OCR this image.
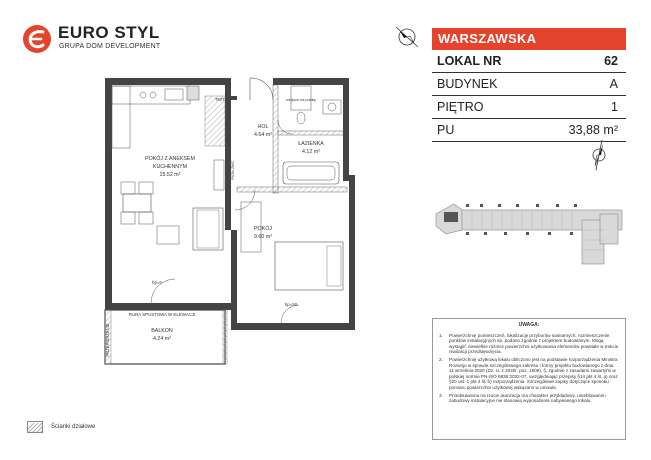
EURO STYL
GRUPA DOM DEVELOPMENT
WARSZAWSKA
LOKAL NR	62
BUDYNEK	A
PIĘTRO	1
PU	33,88 m²
HOL
4.64 m²
ŁAZIENKA
4.12 m²
POKÓJ Z ANEKSEM
KUCHENNYM
15.52 m²
POKÓJ
9.60 m²
BALKON
4.24 m²
TM/TT	miejsce na pralkę
PION ZWC
hp=0
hp=50
RURA SPUSTOWA W ELEWACJI
PRZEPIERZENIE	UWAGA:
1.	Powierzchnię pomieszczeń, lokalizację przyborów sanitarnych, rozmieszczenie punktów instalacyjnych itp. podano zgodnie z projektem budowlanym. Mogą wystąpić niewielkie różnice powierzchni użytkowania elementów powstałe w trakcie realizacji przedsięwzięcia.
2.	Powierzchnię użytkową lokalu obliczono jest na podstawie rozporządzenia Ministra Rozwoju w sprawie szczegółowego zakresu i formy projektu budowlanego z dnia 11 września 2020 (Dz. U. z 2020r. poz. 1609), §, zgodnie z zasadami zawartymi w polskiej normie PN-ISO 9836:2022-07, uwzględniając przepisy §14 pkt 4 lit. a) oraz §20 ust. 1 pkt 4 lit. b) rozporządzenia. Szczegółowe zapisy dotyczące sposobu pomiaru powierzchni użytkowej wskazano w umowie.
3.	Przedstawiona na rzucie aranżacja ma charakter przykładowy, umeblowanie i zabudowy instalacyjne nie stanowią wyposażenia nabywanego lokalu.
Ścianki działowe
